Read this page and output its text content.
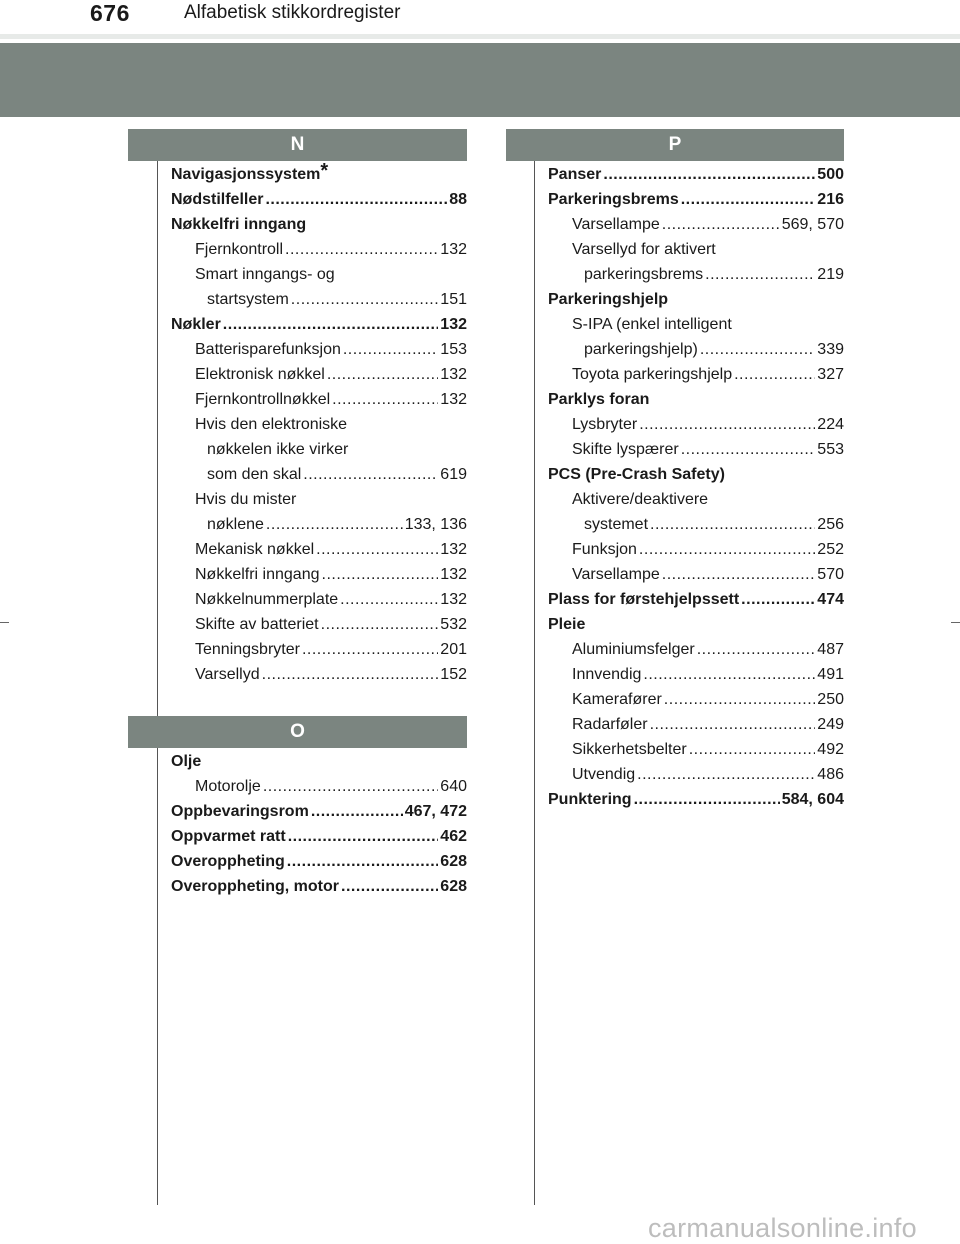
676	Alfabetisk stikkordregister
N
O
P
Navigasjonssystem*
Nødstilfeller .....	88
Nøkkelfri inngang
Fjernkontroll .....	132
Smart inngangs- og
startsystem .....	151
Nøkler .....	132
Batterisparefunksjon .....	153
Elektronisk nøkkel .....	132
Fjernkontrollnøkkel .....	132
Hvis den elektroniske
nøkkelen ikke virker
som den skal .....	619
Hvis du mister
nøklene .....	133, 136
Mekanisk nøkkel .....	132
Nøkkelfri inngang .....	132
Nøkkelnummerplate .....	132
Skifte av batteriet .....	532
Tenningsbryter .....	201
Varsellyd .....	152
Olje
Motorolje .....	640
Oppbevaringsrom .....	467, 472
Oppvarmet ratt .....	462
Overoppheting .....	628
Overoppheting, motor .....	628
Panser .....	500
Parkeringsbrems .....	216
Varsellampe .....	569, 570
Varsellyd for aktivert
parkeringsbrems .....	219
Parkeringshjelp
S-IPA (enkel intelligent
parkeringshjelp) .....	339
Toyota parkeringshjelp .....	327
Parklys foran
Lysbryter .....	224
Skifte lyspærer .....	553
PCS (Pre-Crash Safety)
Aktivere/deaktivere
systemet .....	256
Funksjon .....	252
Varsellampe .....	570
Plass for førstehjelpssett .....	474
Pleie
Aluminiumsfelger .....	487
Innvendig .....	491
Kamerafører .....	250
Radarføler .....	249
Sikkerhetsbelter .....	492
Utvendig .....	486
Punktering .....	584, 604
carmanualsonline.info
